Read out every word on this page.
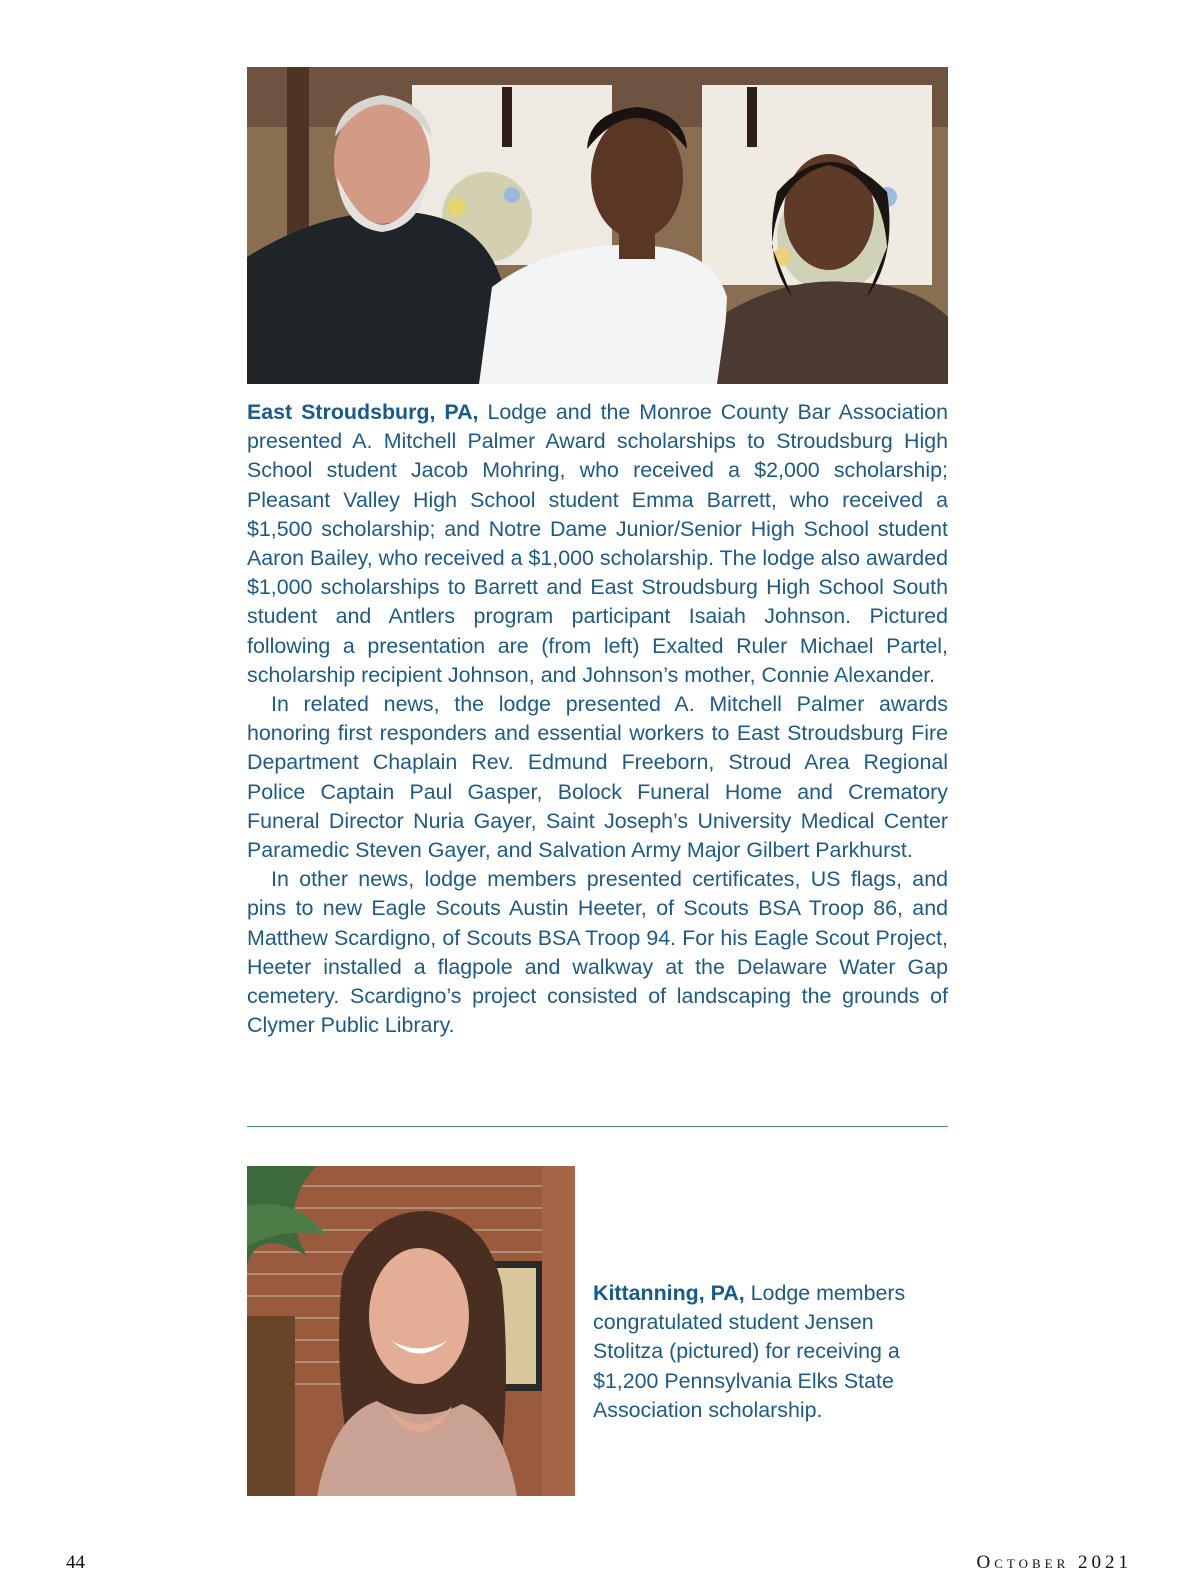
East Stroudsburg, PA, Lodge and the Monroe County Bar Association presented A. Mitchell Palmer Award scholarships to Stroudsburg High School student Jacob Mohring, who received a $2,000 scholarship; Pleasant Valley High School student Emma Barrett, who received a $1,500 scholarship; and Notre Dame Junior/Senior High School student Aaron Bailey, who received a $1,000 scholarship. The lodge also awarded $1,000 scholarships to Barrett and East Stroudsburg High School South student and Antlers program participant Isaiah Johnson. Pictured following a presentation are (from left) Exalted Ruler Michael Partel, scholarship recipient Johnson, and Johnson’s mother, Connie Alexander.

In related news, the lodge presented A. Mitchell Palmer awards honoring first responders and essential workers to East Stroudsburg Fire Department Chaplain Rev. Edmund Freeborn, Stroud Area Regional Police Captain Paul Gasper, Bolock Funeral Home and Crematory Funeral Director Nuria Gayer, Saint Joseph’s University Medical Center Paramedic Steven Gayer, and Salvation Army Major Gilbert Parkhurst.

In other news, lodge members presented certificates, US flags, and pins to new Eagle Scouts Austin Heeter, of Scouts BSA Troop 86, and Matthew Scardigno, of Scouts BSA Troop 94. For his Eagle Scout Project, Heeter installed a flagpole and walkway at the Delaware Water Gap cemetery. Scardigno’s project consisted of landscaping the grounds of Clymer Public Library.

Kittanning, PA, Lodge members congratulated student Jensen Stolitza (pictured) for receiving a $1,200 Pennsylvania Elks State Association scholarship.

44	October 2021
